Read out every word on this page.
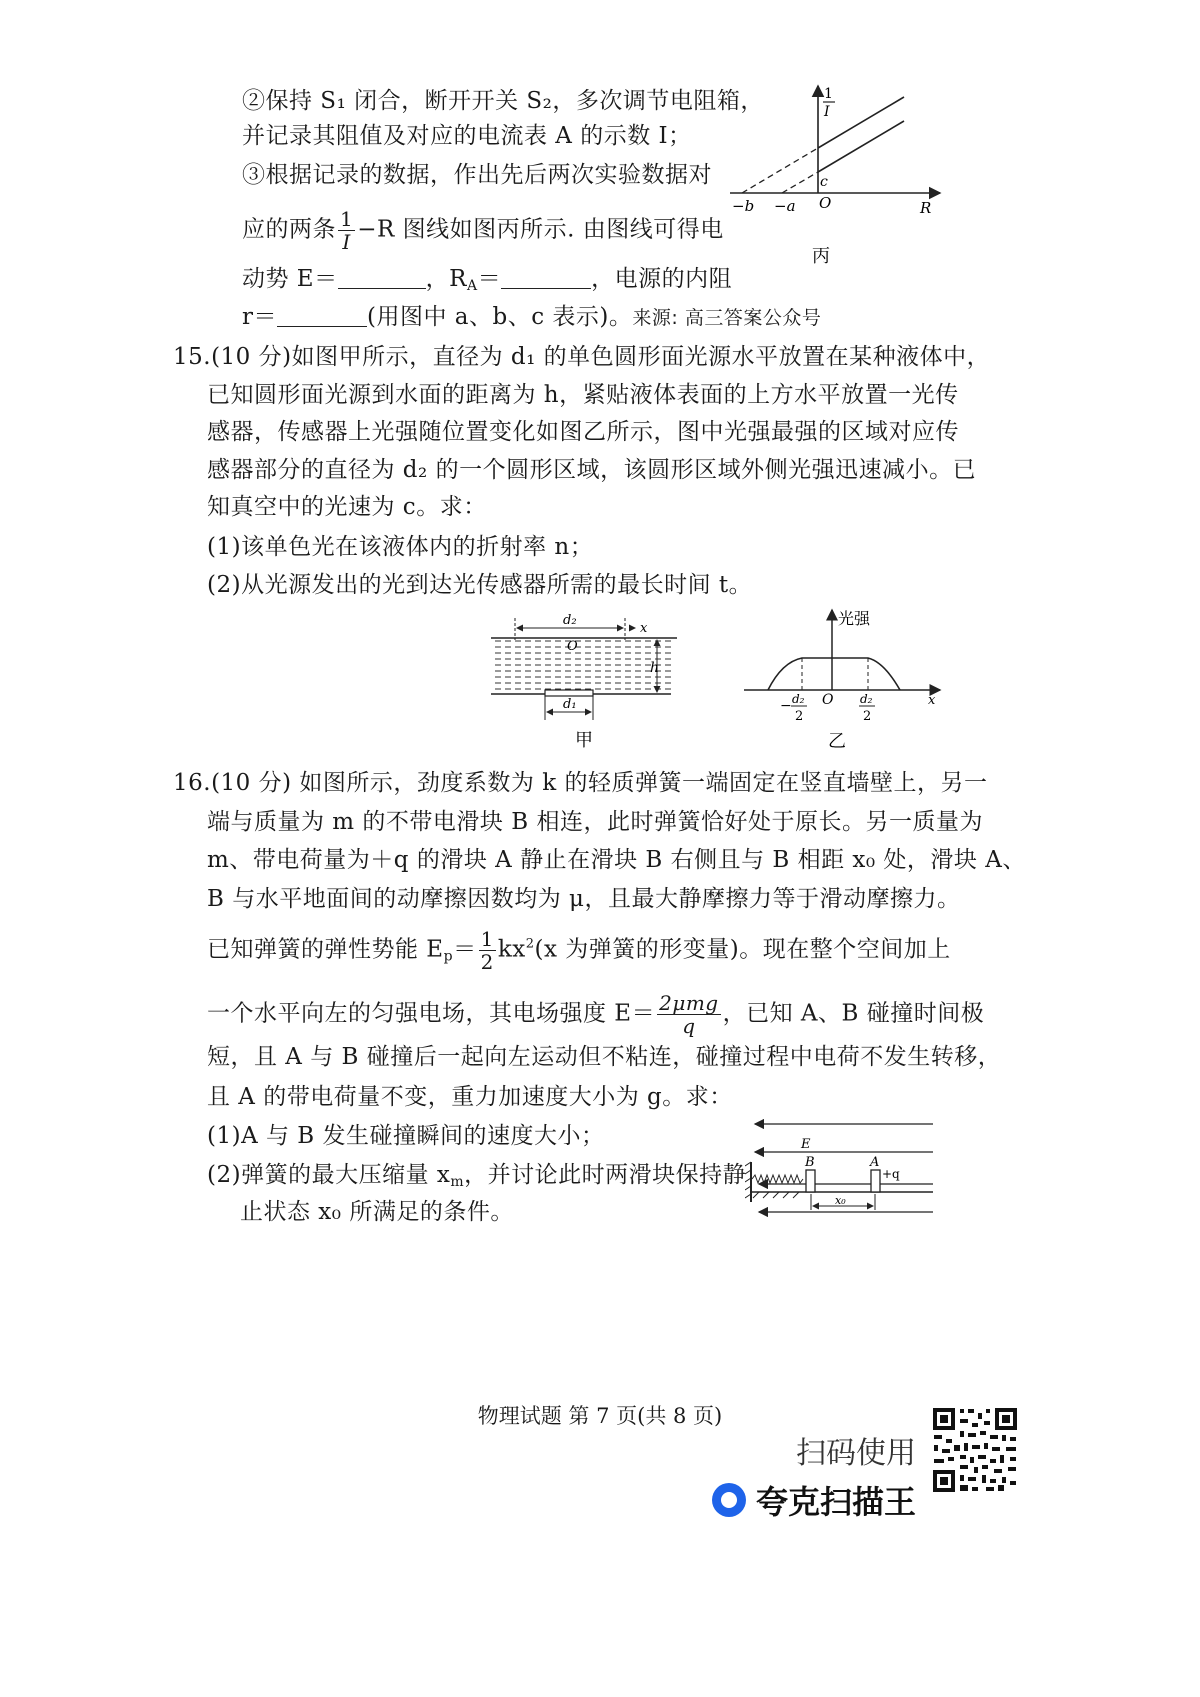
②保持 S₁ 闭合，断开开关 S₂，多次调节电阻箱，
并记录其阻值及对应的电流表 A 的示数 I；
③根据记录的数据，作出先后两次实验数据对
应的两条 $\frac{1}{I} -R$ 图线如图丙所示. 由图线可得电
动势 E＝	，$R_A=$	，电源的内阻
r＝	(用图中 a、b、c 表示)。来源: 高三答案公众号
1
I
c
O
−b −a	R
丙
15.(10 分)如图甲所示，直径为 d₁ 的单色圆形面光源水平放置在某种液体中，
已知圆形面光源到水面的距离为 h，紧贴液体表面的上方水平放置一光传
感器，传感器上光强随位置变化如图乙所示，图中光强最强的区域对应传
感器部分的直径为 d₂ 的一个圆形区域，该圆形区域外侧光强迅速减小。已
知真空中的光速为 c。求：
(1)该单色光在该液体内的折射率 n；
(2)从光源发出的光到达光传感器所需的最长时间 t。
d₂
O
x
h
d₁
甲
光强
x
O
− d₂
2
d₂
2
乙
16.(10 分) 如图所示，劲度系数为 k 的轻质弹簧一端固定在竖直墙壁上，另一
端与质量为 m 的不带电滑块 B 相连，此时弹簧恰好处于原长。另一质量为
m、带电荷量为＋q 的滑块 A 静止在滑块 B 右侧且与 B 相距 x₀ 处，滑块 A、
B 与水平地面间的动摩擦因数均为 μ，且最大静摩擦力等于滑动摩擦力。
已知弹簧的弹性势能 $E_p= \frac{1}{2} kx^2(x$ 为弹簧的形变量)。现在整个空间加上
一个水平向左的匀强电场，其电场强度 $E= \frac{\text{2μmg}}{q}$ ，已知 A、B 碰撞时间极
短，且 A 与 B 碰撞后一起向左运动但不粘连，碰撞过程中电荷不发生转移，
且 A 的带电荷量不变，重力加速度大小为 g。求：
(1)A 与 B 发生碰撞瞬间的速度大小；
(2)弹簧的最大压缩量 $x_m$，并讨论此时两滑块保持静
止状态 x₀ 所满足的条件。
E
B	A
+q
x₀
物理试题 第 7 页(共 8 页)
扫码使用
夸克扫描王
